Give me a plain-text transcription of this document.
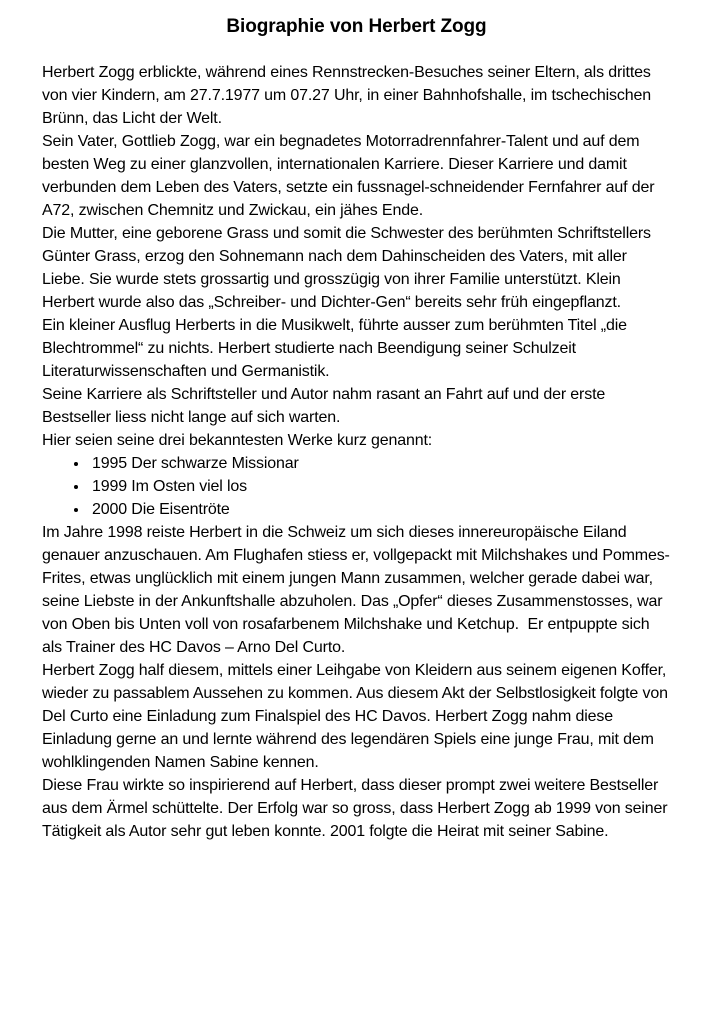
Biographie von Herbert Zogg

Herbert Zogg erblickte, während eines Rennstrecken-Besuches seiner Eltern, als drittes von vier Kindern, am 27.7.1977 um 07.27 Uhr, in einer Bahnhofshalle, im tschechischen Brünn, das Licht der Welt.

Sein Vater, Gottlieb Zogg, war ein begnadetes Motorradrennfahrer-Talent und auf dem besten Weg zu einer glanzvollen, internationalen Karriere. Dieser Karriere und damit verbunden dem Leben des Vaters, setzte ein fussnagel-schneidender Fernfahrer auf der A72, zwischen Chemnitz und Zwickau, ein jähes Ende.

Die Mutter, eine geborene Grass und somit die Schwester des berühmten Schriftstellers Günter Grass, erzog den Sohnemann nach dem Dahinscheiden des Vaters, mit aller Liebe. Sie wurde stets grossartig und grosszügig von ihrer Familie unterstützt. Klein Herbert wurde also das „Schreiber- und Dichter-Gen“ bereits sehr früh eingepflanzt.

Ein kleiner Ausflug Herberts in die Musikwelt, führte ausser zum berühmten Titel „die Blechtrommel“ zu nichts. Herbert studierte nach Beendigung seiner Schulzeit Literaturwissenschaften und Germanistik.

Seine Karriere als Schriftsteller und Autor nahm rasant an Fahrt auf und der erste Bestseller liess nicht lange auf sich warten.

Hier seien seine drei bekanntesten Werke kurz genannt:

• 1995 Der schwarze Missionar
• 1999 Im Osten viel los
• 2000 Die Eisentröte

Im Jahre 1998 reiste Herbert in die Schweiz um sich dieses innereuropäische Eiland genauer anzuschauen. Am Flughafen stiess er, vollgepackt mit Milchshakes und Pommes-Frites, etwas unglücklich mit einem jungen Mann zusammen, welcher gerade dabei war, seine Liebste in der Ankunftshalle abzuholen. Das „Opfer“ dieses Zusammenstosses, war von Oben bis Unten voll von rosafarbenem Milchshake und Ketchup.  Er entpuppte sich als Trainer des HC Davos – Arno Del Curto.

Herbert Zogg half diesem, mittels einer Leihgabe von Kleidern aus seinem eigenen Koffer, wieder zu passablem Aussehen zu kommen. Aus diesem Akt der Selbstlosigkeit folgte von Del Curto eine Einladung zum Finalspiel des HC Davos. Herbert Zogg nahm diese Einladung gerne an und lernte während des legendären Spiels eine junge Frau, mit dem wohlklingenden Namen Sabine kennen.

Diese Frau wirkte so inspirierend auf Herbert, dass dieser prompt zwei weitere Bestseller aus dem Ärmel schüttelte. Der Erfolg war so gross, dass Herbert Zogg ab 1999 von seiner Tätigkeit als Autor sehr gut leben konnte. 2001 folgte die Heirat mit seiner Sabine.
